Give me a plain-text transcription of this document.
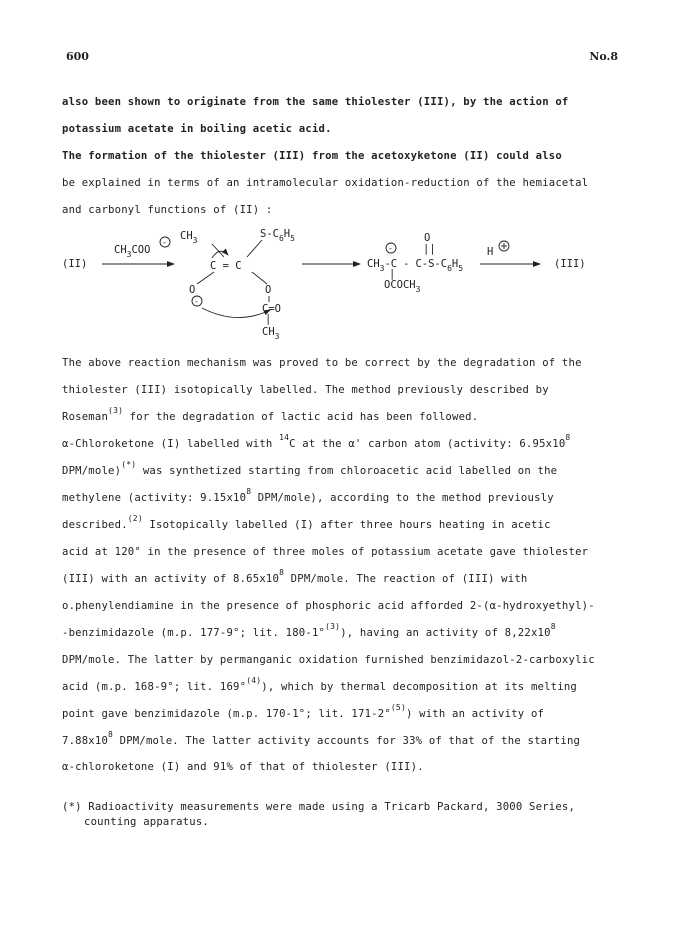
600	No.8
also been shown to originate from the same thiolester (III), by the action of
potassium acetate in boiling acetic acid.
The formation of the thiolester (III) from the acetoxyketone (II) could also
be explained in terms of an intramolecular oxidation-reduction of the hemiacetal
and carbonyl functions of (II) :
(II)
$CH_3COO$
-
$CH_3$
$S-C_6H_5$
C = C
O	O
-
C=O
|
$CH_3$
O
||
-
$CH_3-C - C-S-C_6H_5$
|
$OCOCH_3$
H
(III)
The above reaction mechanism was proved to be correct by the degradation of the
thiolester (III) isotopically labelled. The method previously described by
Roseman$^{(3)}$ for the degradation of lactic acid has been followed.
α-Chloroketone (I) labelled with $^{14}$C at the α' carbon atom (activity: $6.95x10^8$
DPM/mole)(*) was synthetized starting from chloroacetic acid labelled on the
methylene (activity: $9.15x10^8$ DPM/mole), according to the method previously
described.$^{(2)}$ Isotopically labelled (I) after three hours heating in acetic
acid at 120° in the presence of three moles of potassium acetate gave thiolester
(III) with an activity of $8.65x10^8$ DPM/mole. The reaction of (III) with
o.phenylendiamine in the presence of phosphoric acid afforded 2-(α-hydroxyethyl)-
-benzimidazole (m.p. 177-9°; lit. 180-1°$^{(3)}$), having an activity of $8,22x10^8$
DPM/mole. The latter by permanganic oxidation furnished benzimidazol-2-carboxylic
acid (m.p. 168-9°; lit. 169°$^{(4)}$), which by thermal decomposition at its melting
point gave benzimidazole (m.p. 170-1°; lit. 171-2°$^{(5)}$) with an activity of
$7.88x10^8$ DPM/mole. The latter activity accounts for 33% of that of the starting
α-chloroketone (I) and 91% of that of thiolester (III).
(*) Radioactivity measurements were made using a Tricarb Packard, 3000 Series,
counting apparatus.
